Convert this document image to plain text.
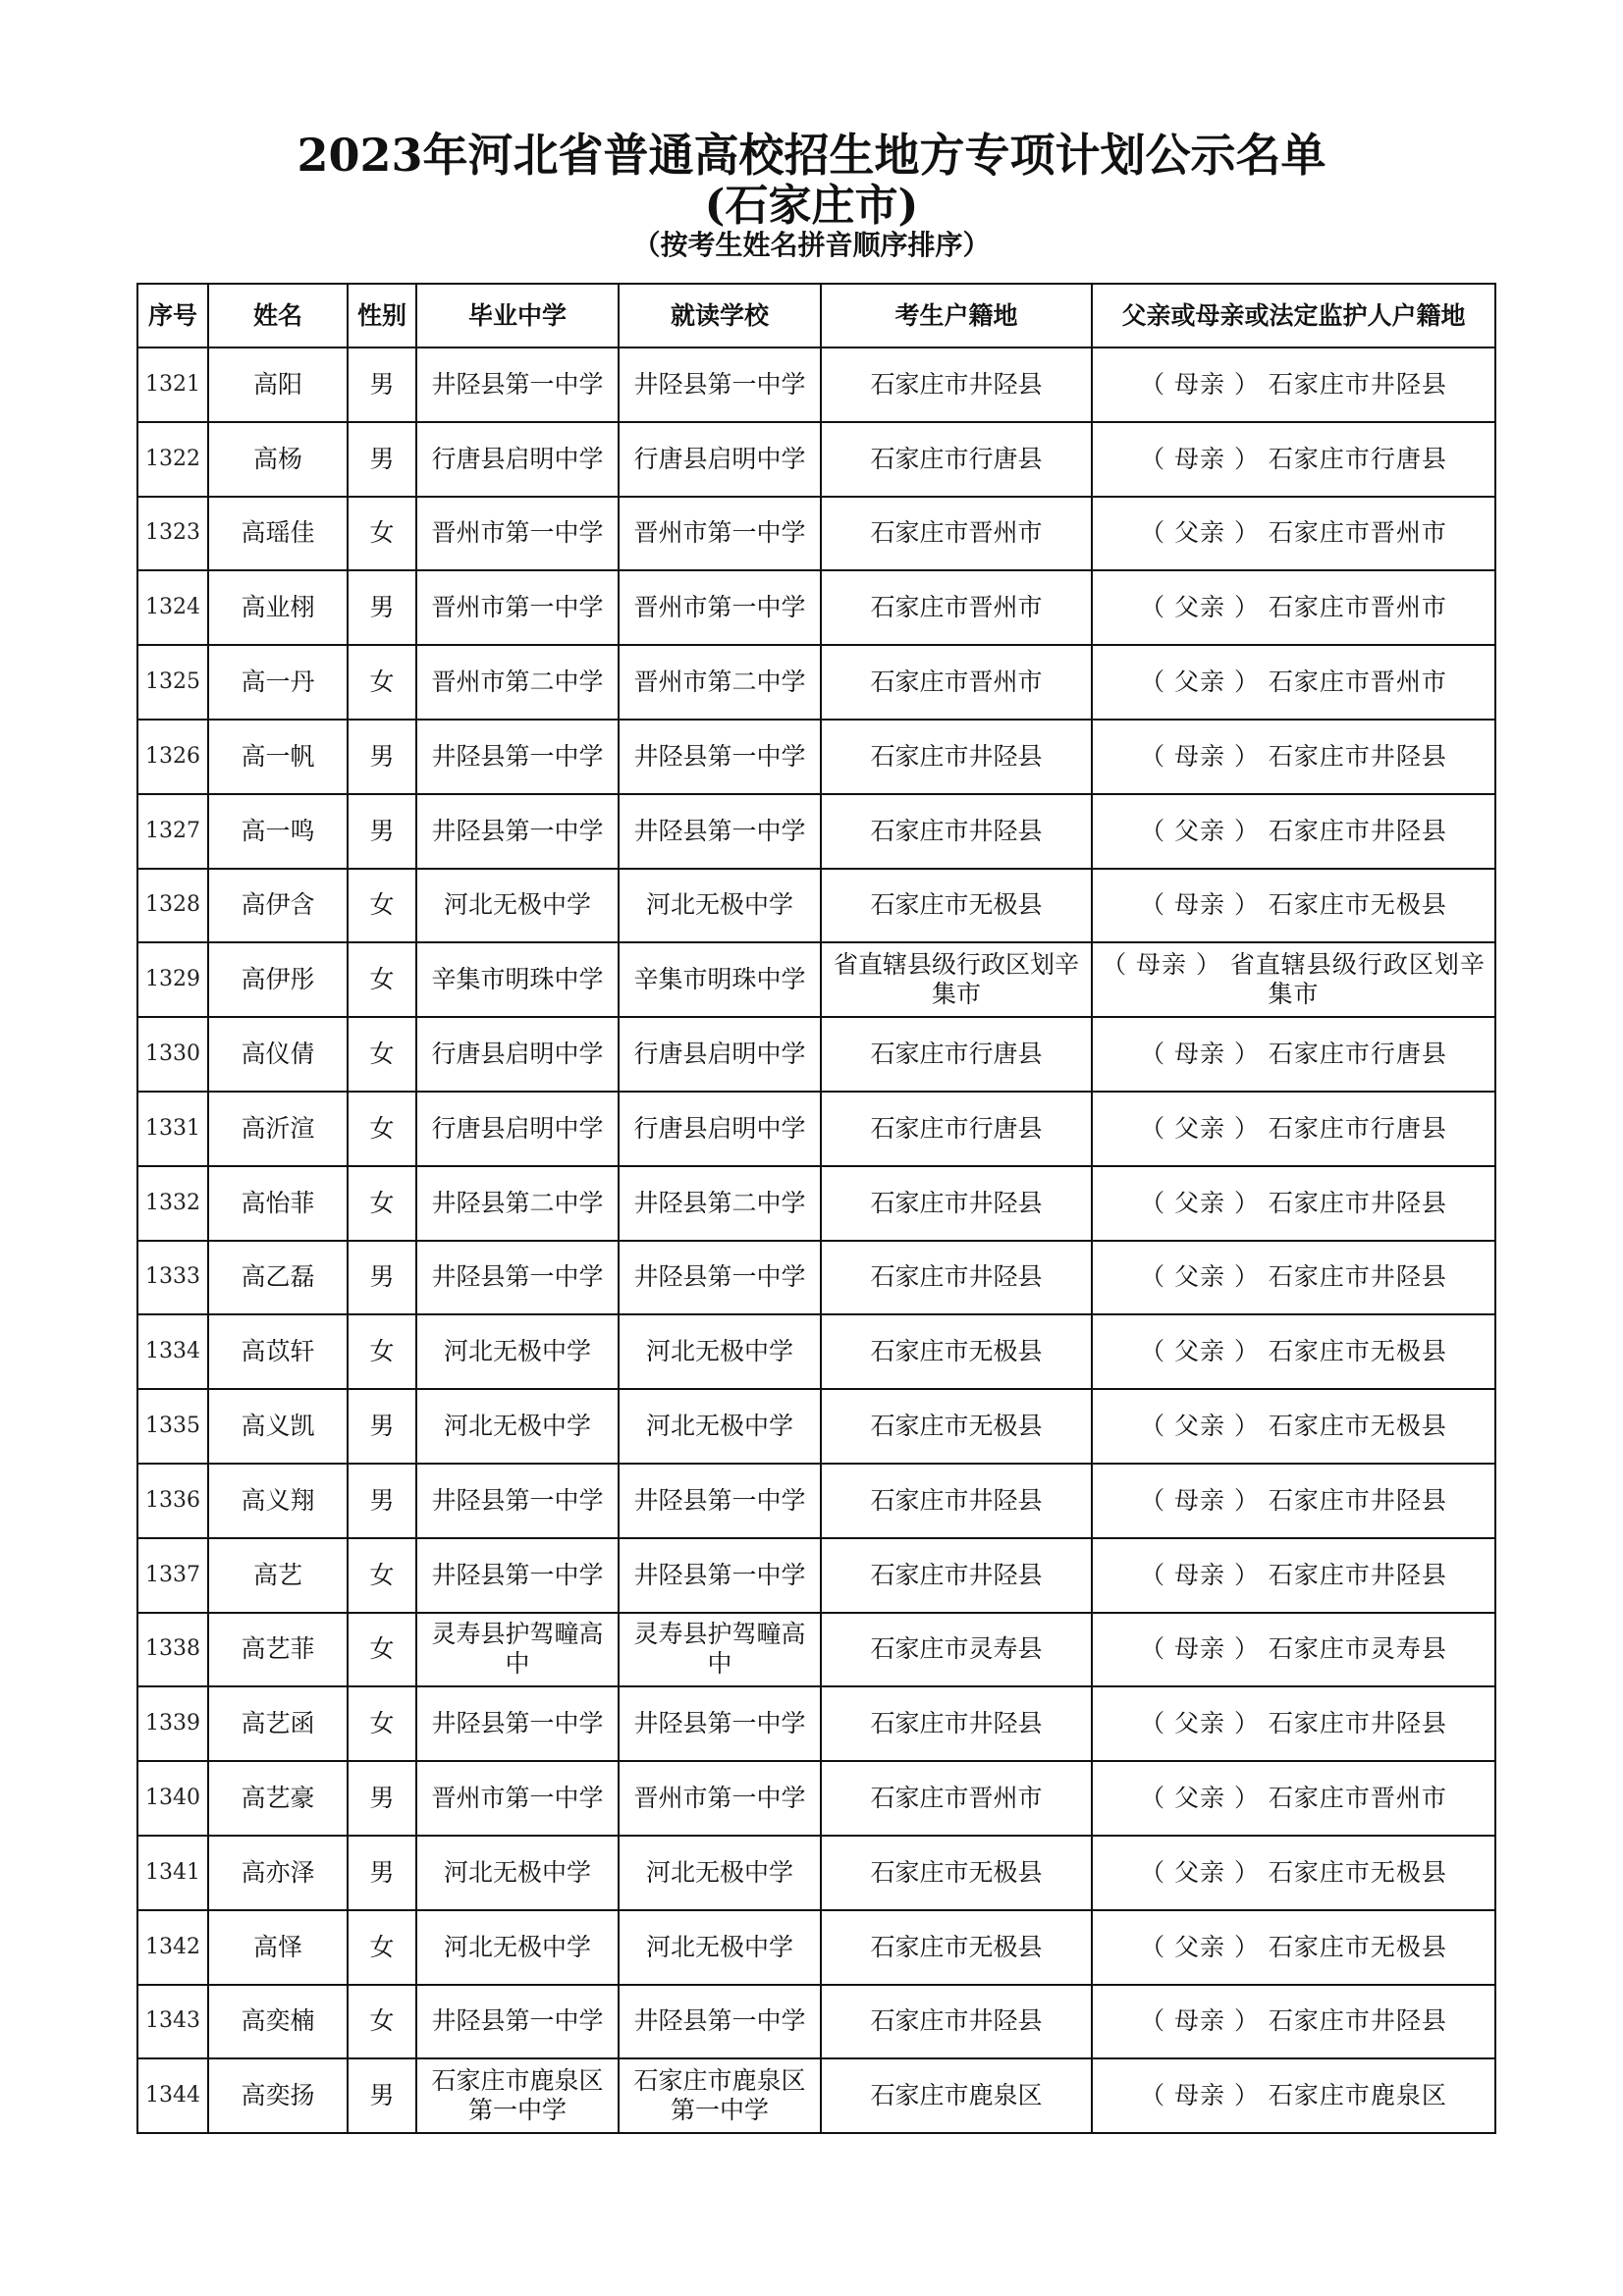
2023年河北省普通高校招生地方专项计划公示名单
(石家庄市)
（按考生姓名拼音顺序排序）
序号	姓名	性别	毕业中学	就读学校	考生户籍地	父亲或母亲或法定监护人户籍地
1321	高阳	男	井陉县第一中学	井陉县第一中学	石家庄市井陉县	（ 母亲 ） 石家庄市井陉县
1322	高杨	男	行唐县启明中学	行唐县启明中学	石家庄市行唐县	（ 母亲 ） 石家庄市行唐县
1323	高瑶佳	女	晋州市第一中学	晋州市第一中学	石家庄市晋州市	（ 父亲 ） 石家庄市晋州市
1324	高业栩	男	晋州市第一中学	晋州市第一中学	石家庄市晋州市	（ 父亲 ） 石家庄市晋州市
1325	高一丹	女	晋州市第二中学	晋州市第二中学	石家庄市晋州市	（ 父亲 ） 石家庄市晋州市
1326	高一帆	男	井陉县第一中学	井陉县第一中学	石家庄市井陉县	（ 母亲 ） 石家庄市井陉县
1327	高一鸣	男	井陉县第一中学	井陉县第一中学	石家庄市井陉县	（ 父亲 ） 石家庄市井陉县
1328	高伊含	女	河北无极中学	河北无极中学	石家庄市无极县	（ 母亲 ） 石家庄市无极县
1329	高伊彤	女	辛集市明珠中学	辛集市明珠中学	省直辖县级行政区划辛集市	（ 母亲 ） 省直辖县级行政区划辛集市
1330	高仪倩	女	行唐县启明中学	行唐县启明中学	石家庄市行唐县	（ 母亲 ） 石家庄市行唐县
1331	高沂渲	女	行唐县启明中学	行唐县启明中学	石家庄市行唐县	（ 父亲 ） 石家庄市行唐县
1332	高怡菲	女	井陉县第二中学	井陉县第二中学	石家庄市井陉县	（ 父亲 ） 石家庄市井陉县
1333	高乙磊	男	井陉县第一中学	井陉县第一中学	石家庄市井陉县	（ 父亲 ） 石家庄市井陉县
1334	高苡轩	女	河北无极中学	河北无极中学	石家庄市无极县	（ 父亲 ） 石家庄市无极县
1335	高义凯	男	河北无极中学	河北无极中学	石家庄市无极县	（ 父亲 ） 石家庄市无极县
1336	高义翔	男	井陉县第一中学	井陉县第一中学	石家庄市井陉县	（ 母亲 ） 石家庄市井陉县
1337	高艺	女	井陉县第一中学	井陉县第一中学	石家庄市井陉县	（ 母亲 ） 石家庄市井陉县
1338	高艺菲	女	灵寿县护驾疃高中	灵寿县护驾疃高中	石家庄市灵寿县	（ 母亲 ） 石家庄市灵寿县
1339	高艺函	女	井陉县第一中学	井陉县第一中学	石家庄市井陉县	（ 父亲 ） 石家庄市井陉县
1340	高艺豪	男	晋州市第一中学	晋州市第一中学	石家庄市晋州市	（ 父亲 ） 石家庄市晋州市
1341	高亦泽	男	河北无极中学	河北无极中学	石家庄市无极县	（ 父亲 ） 石家庄市无极县
1342	高怿	女	河北无极中学	河北无极中学	石家庄市无极县	（ 父亲 ） 石家庄市无极县
1343	高奕楠	女	井陉县第一中学	井陉县第一中学	石家庄市井陉县	（ 母亲 ） 石家庄市井陉县
1344	高奕扬	男	石家庄市鹿泉区第一中学	石家庄市鹿泉区第一中学	石家庄市鹿泉区	（ 母亲 ） 石家庄市鹿泉区
